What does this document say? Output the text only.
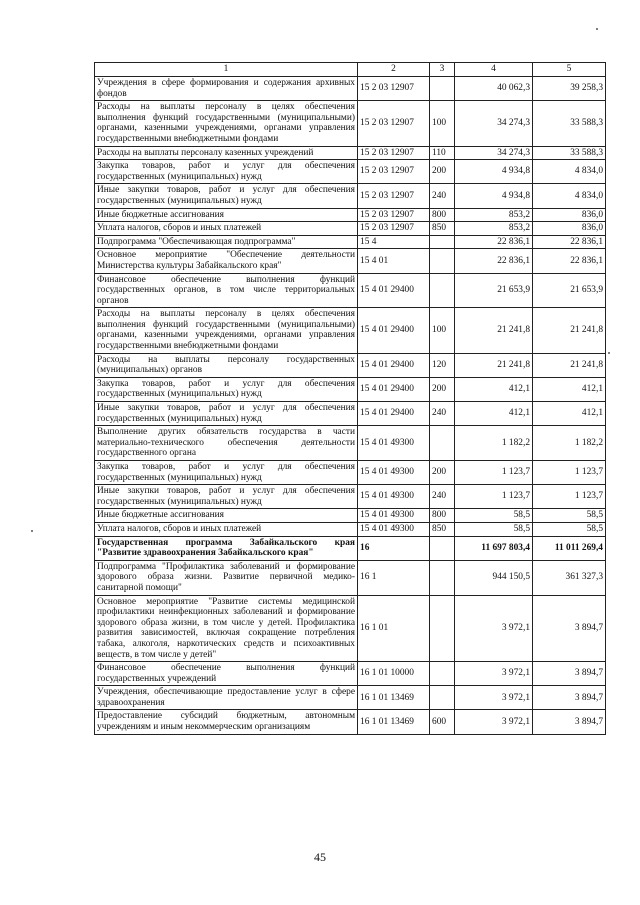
1	2	3	4	5
Учреждения в сфере формирования и содержания архивных фондов	15 2 03 12907		40 062,3	39 258,3
Расходы на выплаты персоналу в целях обеспечения выполнения функций государственными (муниципальными) органами, казенными учреждениями, органами управления государственными внебюджетными фондами	15 2 03 12907	100	34 274,3	33 588,3
Расходы на выплаты персоналу казенных учреждений	15 2 03 12907	110	34 274,3	33 588,3
Закупка товаров, работ и услуг для обеспечения государственных (муниципальных) нужд	15 2 03 12907	200	4 934,8	4 834,0
Иные закупки товаров, работ и услуг для обеспечения государственных (муниципальных) нужд	15 2 03 12907	240	4 934,8	4 834,0
Иные бюджетные ассигнования	15 2 03 12907	800	853,2	836,0
Уплата налогов, сборов и иных платежей	15 2 03 12907	850	853,2	836,0
Подпрограмма "Обеспечивающая подпрограмма"	15 4		22 836,1	22 836,1
Основное мероприятие "Обеспечение деятельности Министерства культуры Забайкальского края"	15 4 01		22 836,1	22 836,1
Финансовое обеспечение выполнения функций государственных органов, в том числе территориальных органов	15 4 01 29400		21 653,9	21 653,9
Расходы на выплаты персоналу в целях обеспечения выполнения функций государственными (муниципальными) органами, казенными учреждениями, органами управления государственными внебюджетными фондами	15 4 01 29400	100	21 241,8	21 241,8
Расходы на выплаты персоналу государственных (муниципальных) органов	15 4 01 29400	120	21 241,8	21 241,8
Закупка товаров, работ и услуг для обеспечения государственных (муниципальных) нужд	15 4 01 29400	200	412,1	412,1
Иные закупки товаров, работ и услуг для обеспечения государственных (муниципальных) нужд	15 4 01 29400	240	412,1	412,1
Выполнение других обязательств государства в части материально-технического обеспечения деятельности государственного органа	15 4 01 49300		1 182,2	1 182,2
Закупка товаров, работ и услуг для обеспечения государственных (муниципальных) нужд	15 4 01 49300	200	1 123,7	1 123,7
Иные закупки товаров, работ и услуг для обеспечения государственных (муниципальных) нужд	15 4 01 49300	240	1 123,7	1 123,7
Иные бюджетные ассигнования	15 4 01 49300	800	58,5	58,5
Уплата налогов, сборов и иных платежей	15 4 01 49300	850	58,5	58,5
Государственная программа Забайкальского края "Развитие здравоохранения Забайкальского края"	16		11 697 803,4	11 011 269,4
Подпрограмма "Профилактика заболеваний и формирование здорового образа жизни. Развитие первичной медико-санитарной помощи"	16 1		944 150,5	361 327,3
Основное мероприятие "Развитие системы медицинской профилактики неинфекционных заболеваний и формирование здорового образа жизни, в том числе у детей. Профилактика развития зависимостей, включая сокращение потребления табака, алкоголя, наркотических средств и психоактивных веществ, в том числе у детей"	16 1 01		3 972,1	3 894,7
Финансовое обеспечение выполнения функций государственных учреждений	16 1 01 10000		3 972,1	3 894,7
Учреждения, обеспечивающие предоставление услуг в сфере здравоохранения	16 1 01 13469		3 972,1	3 894,7
Предоставление субсидий бюджетным, автономным учреждениям и иным некоммерческим организациям	16 1 01 13469	600	3 972,1	3 894,7
45
